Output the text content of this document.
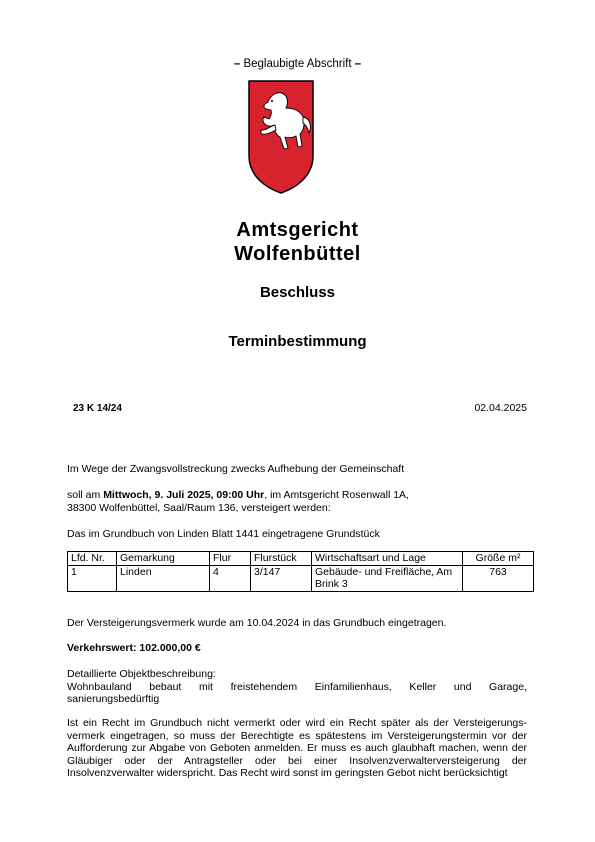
– Beglaubigte Abschrift –
Amtsgericht
Wolfenbüttel
Beschluss
Terminbestimmung
23 K 14/24	02.04.2025
Im Wege der Zwangsvollstreckung zwecks Aufhebung der Gemeinschaft
soll am Mittwoch, 9. Juli 2025, 09:00 Uhr, im Amtsgericht Rosenwall 1A,
38300 Wolfenbüttel, Saal/Raum 136, versteigert werden:
Das im Grundbuch von Linden Blatt 1441 eingetragene Grundstück
Lfd. Nr.	Gemarkung	Flur	Flurstück	Wirtschaftsart und Lage	Größe m²
1	Linden	4	3/147	Gebäude- und Freifläche, Am Brink 3	763
Der Versteigerungsvermerk wurde am 10.04.2024 in das Grundbuch eingetragen.
Verkehrswert: 102.000,00 €
Detaillierte Objektbeschreibung:
Wohnbauland bebaut mit freistehendem Einfamilienhaus, Keller und Garage,
sanierungsbedürftig
Ist ein Recht im Grundbuch nicht vermerkt oder wird ein Recht später als der Versteigerungs-vermerk eingetragen, so muss der Berechtigte es spätestens im Versteigerungstermin vor der Aufforderung zur Abgabe von Geboten anmelden. Er muss es auch glaubhaft machen, wenn der Gläubiger oder der Antragsteller oder bei einer Insolvenzverwalterversteigerung der Insolvenzverwalter widerspricht. Das Recht wird sonst im geringsten Gebot nicht berücksichtigt
